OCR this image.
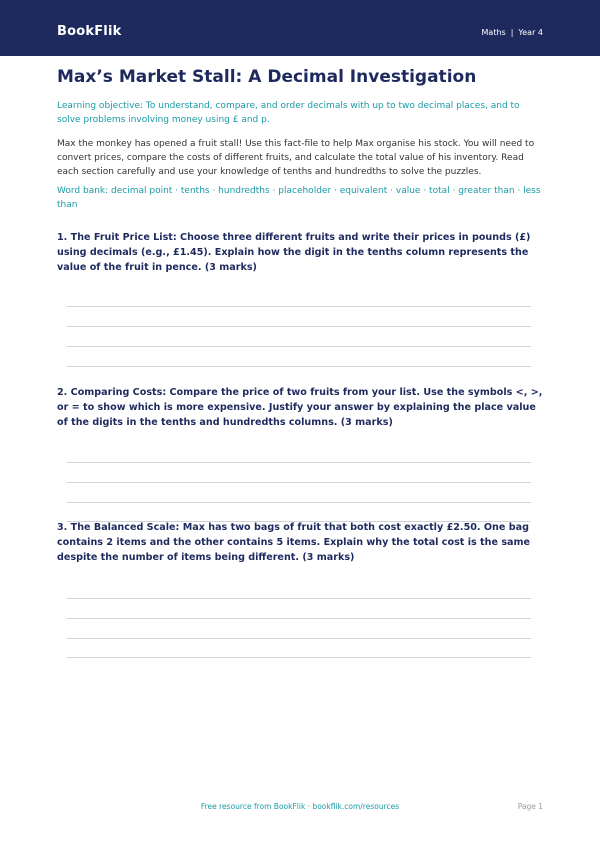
BookFlik	Maths | Year 4
Max’s Market Stall: A Decimal Investigation

Learning objective: To understand, compare, and order decimals with up to two decimal places, and to solve problems involving money using £ and p.

Max the monkey has opened a fruit stall! Use this fact-file to help Max organise his stock. You will need to convert prices, compare the costs of different fruits, and calculate the total value of his inventory. Read each section carefully and use your knowledge of tenths and hundredths to solve the puzzles.

Word bank: decimal point · tenths · hundredths · placeholder · equivalent · value · total · greater than · less than

1. The Fruit Price List: Choose three different fruits and write their prices in pounds (£) using decimals (e.g., £1.45). Explain how the digit in the tenths column represents the value of the fruit in pence. (3 marks)

2. Comparing Costs: Compare the price of two fruits from your list. Use the symbols <, >, or = to show which is more expensive. Justify your answer by explaining the place value of the digits in the tenths and hundredths columns. (3 marks)

3. The Balanced Scale: Max has two bags of fruit that both cost exactly £2.50. One bag contains 2 items and the other contains 5 items. Explain why the total cost is the same despite the number of items being different. (3 marks)

Free resource from BookFlik · bookflik.com/resources	Page 1
